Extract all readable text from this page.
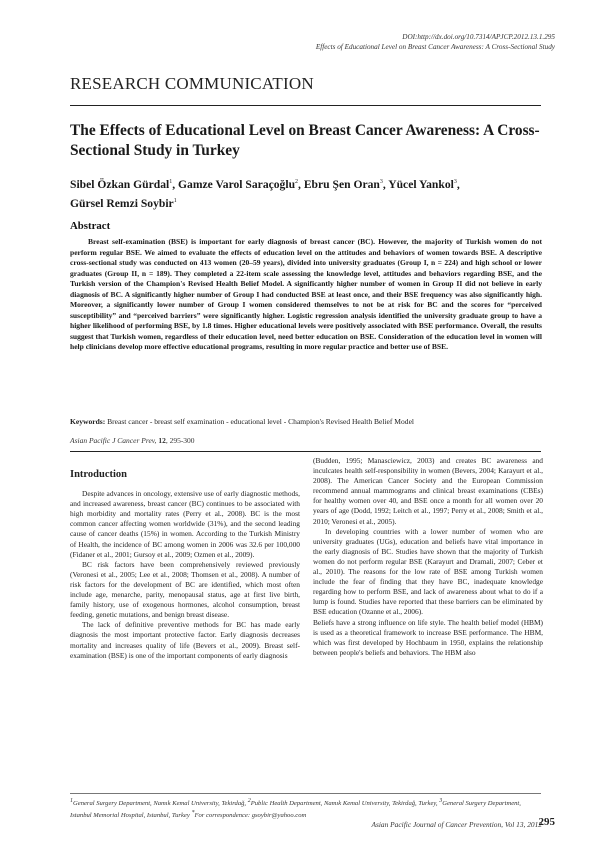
DOI:http://dx.doi.org/10.7314/APJCP.2012.13.1.295
Effects of Educational Level on Breast Cancer Awareness: A Cross-Sectional Study
RESEARCH COMMUNICATION
The Effects of Educational Level on Breast Cancer Awareness: A Cross-Sectional Study in Turkey
Sibel Özkan Gürdal$^1$, Gamze Varol Saraçoğlu$^2$, Ebru Şen Oran$^3$, Yücel Yankol$^3$,
Gürsel Remzi Soybir$^1$
Abstract
Breast self-examination (BSE) is important for early diagnosis of breast cancer (BC). However, the majority of Turkish women do not perform regular BSE. We aimed to evaluate the effects of education level on the attitudes and behaviors of women towards BSE. A descriptive cross-sectional study was conducted on 413 women (20–59 years), divided into university graduates (Group I, n = 224) and high school or lower graduates (Group II, n = 189). They completed a 22-item scale assessing the knowledge level, attitudes and behaviors regarding BSE, and the Turkish version of the Champion's Revised Health Belief Model. A significantly higher number of women in Group II did not believe in early diagnosis of BC. A significantly higher number of Group I had conducted BSE at least once, and their BSE frequency was also significantly high. Moreover, a significantly lower number of Group I women considered themselves to not be at risk for BC and the scores for “perceived susceptibility” and “perceived barriers” were significantly higher. Logistic regression analysis identified the university graduate group to have a higher likelihood of performing BSE, by 1.8 times. Higher educational levels were positively associated with BSE performance. Overall, the results suggest that Turkish women, regardless of their education level, need better education on BSE. Consideration of the education level in women will help clinicians develop more effective educational programs, resulting in more regular practice and better use of BSE.
Keywords: Breast cancer - breast self examination - educational level - Champion's Revised Health Belief Model
Asian Pacific J Cancer Prev, 12, 295-300
Introduction

Despite advances in oncology, extensive use of early diagnostic methods, and increased awareness, breast cancer (BC) continues to be associated with high morbidity and mortality rates (Perry et al., 2008). BC is the most common cancer affecting women worldwide (31%), and the second leading cause of cancer deaths (15%) in women. According to the Turkish Ministry of Health, the incidence of BC among women in 2006 was 32.6 per 100,000 (Fidaner et al., 2001; Gursoy et al., 2009; Ozmen et al., 2009).

BC risk factors have been comprehensively reviewed previously (Veronesi et al., 2005; Lee et al., 2008; Thomsen et al., 2008). A number of risk factors for the development of BC are identified, which most often include age, menarche, parity, menopausal status, age at first live birth, family history, use of exogenous hormones, alcohol consumption, breast feeding, genetic mutations, and benign breast disease.

The lack of definitive preventive methods for BC has made early diagnosis the most important protective factor. Early diagnosis decreases mortality and increases quality of life (Bevers et al., 2009). Breast self-examination (BSE) is one of the important components of early diagnosis

(Budden, 1995; Manasciewicz, 2003) and creates BC awareness and inculcates health self-responsibility in women (Bevers, 2004; Karayurt et al., 2008). The American Cancer Society and the European Commission recommend annual mammograms and clinical breast examinations (CBEs) for healthy women over 40, and BSE once a month for all women over 20 years of age (Dodd, 1992; Leitch et al., 1997; Perry et al., 2008; Smith et al., 2010; Veronesi et al., 2005).

In developing countries with a lower number of women who are university graduates (UGs), education and beliefs have vital importance in the early diagnosis of BC. Studies have shown that the majority of Turkish women do not perform regular BSE (Karayurt and Dramali, 2007; Ceber et al., 2010). The reasons for the low rate of BSE among Turkish women include the fear of finding that they have BC, inadequate knowledge regarding how to perform BSE, and lack of awareness about what to do if a lump is found. Studies have reported that these barriers can be eliminated by BSE education (Ozanne et al., 2006).

Beliefs have a strong influence on life style. The health belief model (HBM) is used as a theoretical framework to increase BSE performance. The HBM, which was first developed by Hochbaum in 1950, explains the relationship between people's beliefs and behaviors. The HBM also

$^1$General Surgery Department, Namık Kemal University, Tekirdağ, $^2$Public Health Department, Namık Kemal University, Tekirdağ, Turkey, $^3$General Surgery Department, Istanbul Memorial Hospital, Istanbul, Turkey *For correspondence: gsoybir@yahoo.com
Asian Pacific Journal of Cancer Prevention, Vol 13, 2012
295
